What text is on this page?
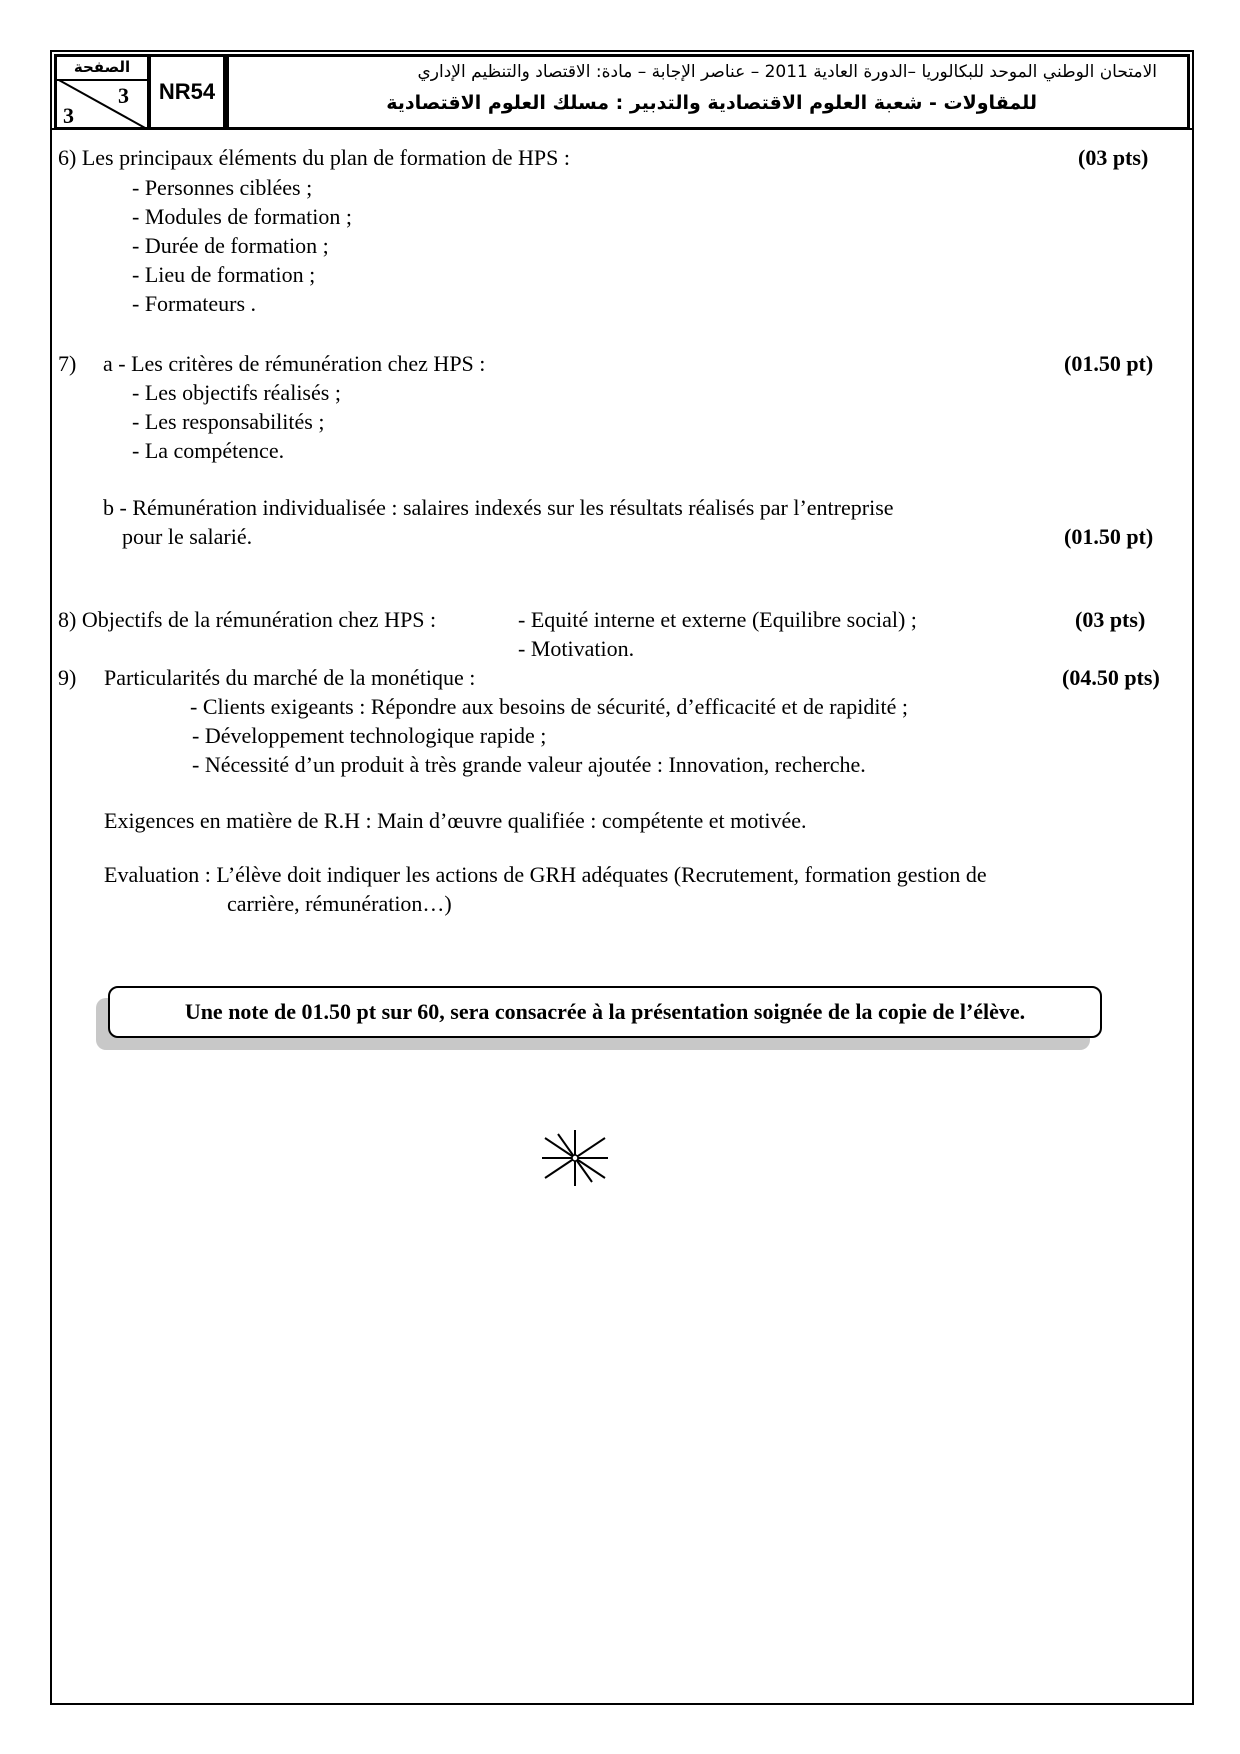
الصفحة
3
3
NR54
الامتحان الوطني الموحد للبكالوريا –الدورة العادية 2011 – عناصر الإجابة – مادة: الاقتصاد والتنظيم الإداري
للمقاولات - شعبة العلوم الاقتصادية والتدبير : مسلك العلوم الاقتصادية
6) Les principaux éléments du plan de formation de HPS :	(03 pts)
- Personnes ciblées ;
- Modules de formation ;
- Durée de formation ;
- Lieu de formation ;
- Formateurs .
7) a - Les critères de rémunération chez HPS :	(01.50 pt)
- Les objectifs réalisés ;
- Les responsabilités ;
- La compétence.
b - Rémunération individualisée : salaires indexés sur les résultats réalisés par l’entreprise
pour le salarié.	(01.50 pt)
8) Objectifs de la rémunération chez HPS :	- Equité interne et externe (Equilibre social) ;	(03 pts)
- Motivation.
9) Particularités du marché de la monétique :	(04.50 pts)
- Clients exigeants : Répondre aux besoins de sécurité, d’efficacité et de rapidité ;
- Développement technologique rapide ;
- Nécessité d’un produit à très grande valeur ajoutée : Innovation, recherche.
Exigences en matière de R.H : Main d’œuvre qualifiée : compétente et motivée.
Evaluation : L’élève doit indiquer les actions de GRH adéquates (Recrutement, formation gestion de
carrière, rémunération…)
Une note de 01.50 pt sur 60, sera consacrée à la présentation soignée de la copie de l’élève.
